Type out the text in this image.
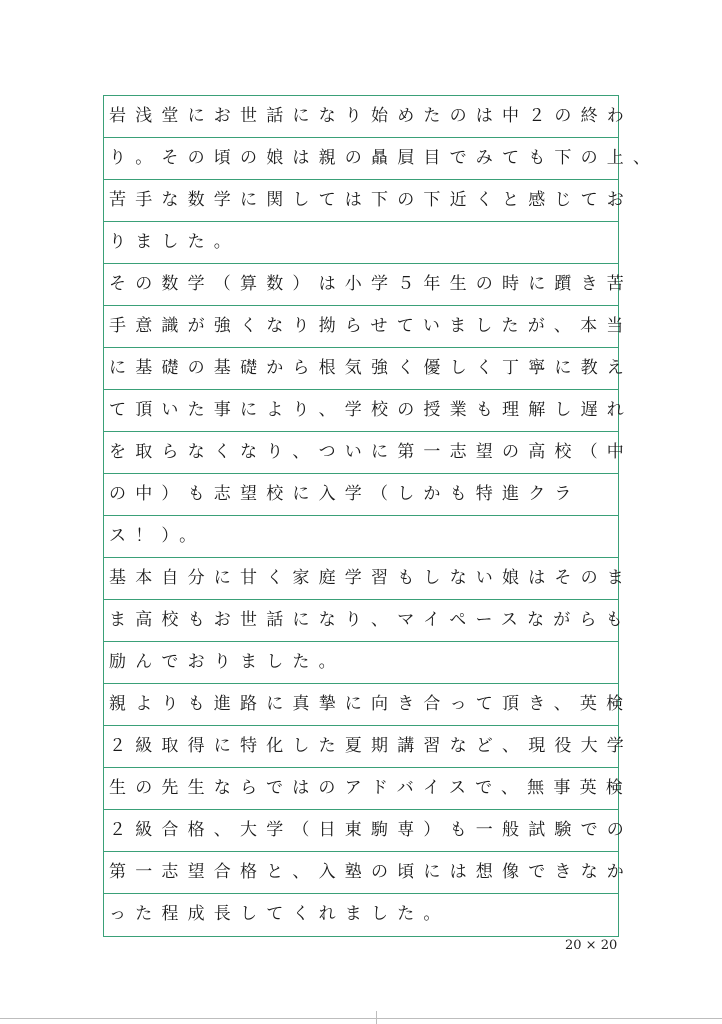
岩浅堂にお世話になり始めたのは中２の終わ
り。その頃の娘は親の贔屓目でみても下の上、
苦手な数学に関しては下の下近くと感じてお
りました。
その数学（算数）は小学５年生の時に躓き苦
手意識が強くなり拗らせていましたが、本当
に基礎の基礎から根気強く優しく丁寧に教え
て頂いた事により、学校の授業も理解し遅れ
を取らなくなり、ついに第一志望の高校（中
の中）も志望校に入学（しかも特進クラ
ス！）。
基本自分に甘く家庭学習もしない娘はそのま
ま高校もお世話になり、マイペースながらも
励んでおりました。
親よりも進路に真摯に向き合って頂き、英検
２級取得に特化した夏期講習など、現役大学
生の先生ならではのアドバイスで、無事英検
２級合格、大学（日東駒専）も一般試験での
第一志望合格と、入塾の頃には想像できなか
った程成長してくれました。
20 × 20
